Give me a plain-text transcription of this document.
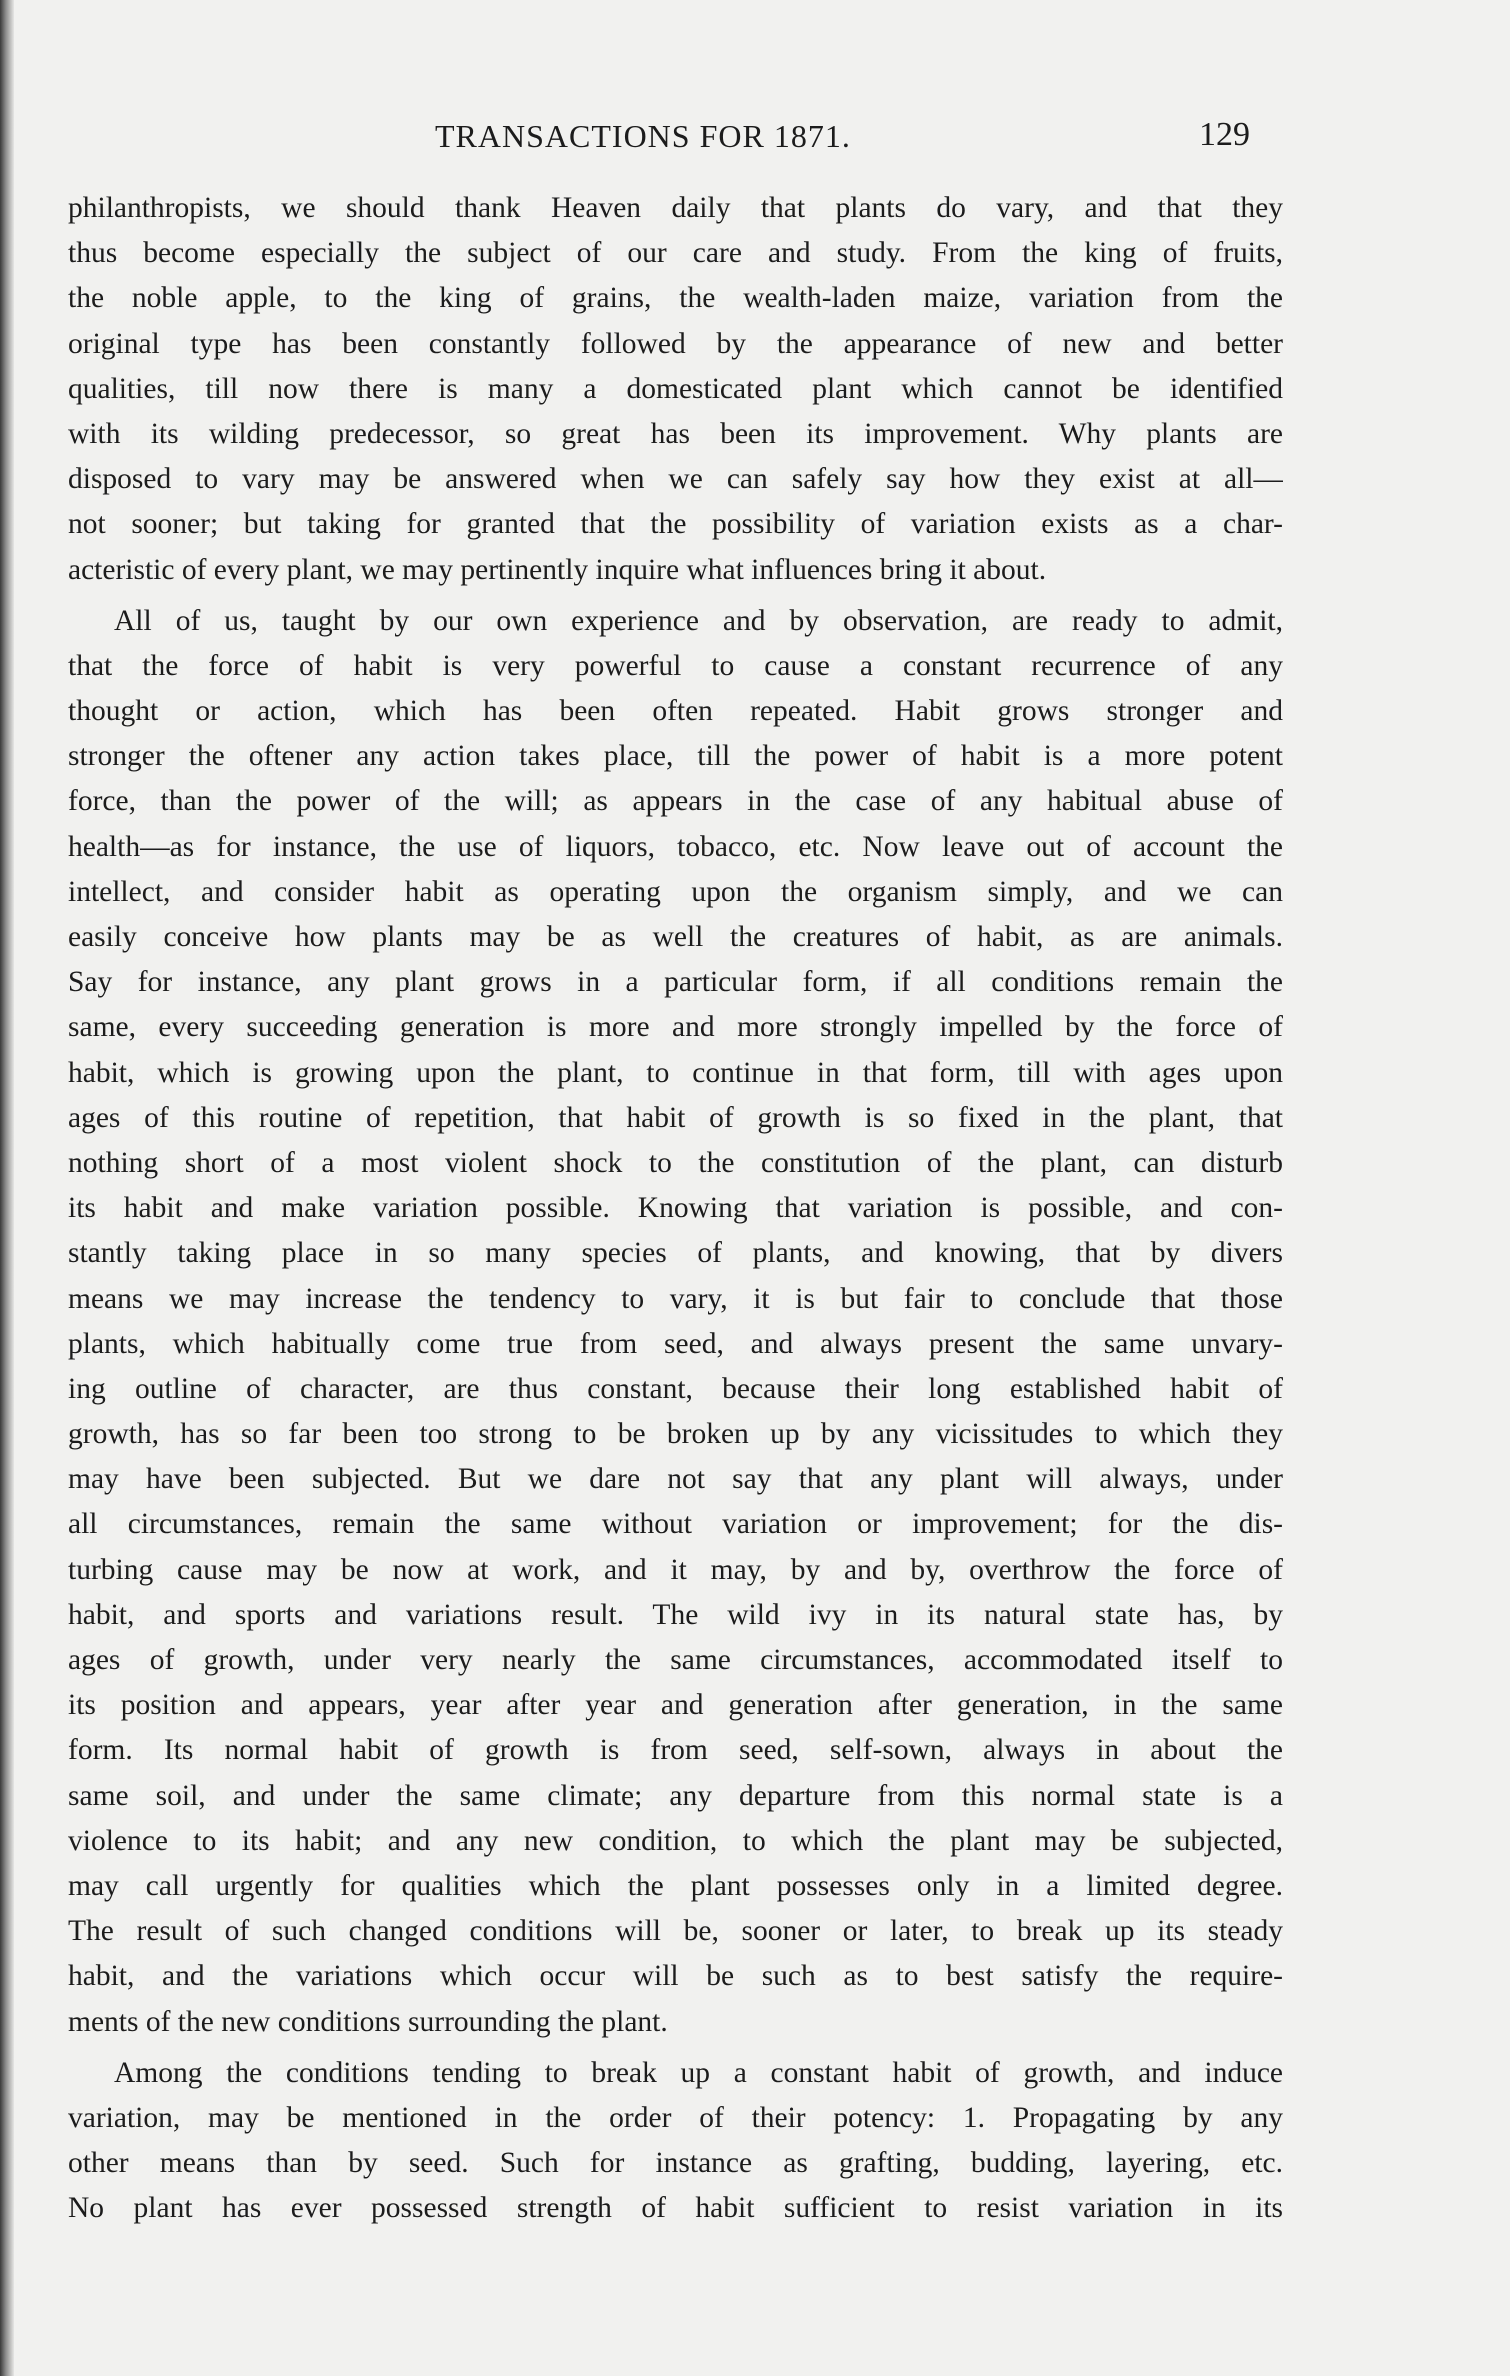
TRANSACTIONS FOR 1871.	129
philanthropists, we should thank Heaven daily that plants do vary, and that they
thus become especially the subject of our care and study. From the king of fruits,
the noble apple, to the king of grains, the wealth-laden maize, variation from the
original type has been constantly followed by the appearance of new and better
qualities, till now there is many a domesticated plant which cannot be identified
with its wilding predecessor, so great has been its improvement. Why plants are
disposed to vary may be answered when we can safely say how they exist at all—
not sooner; but taking for granted that the possibility of variation exists as a char-
acteristic of every plant, we may pertinently inquire what influences bring it about.
All of us, taught by our own experience and by observation, are ready to admit,
that the force of habit is very powerful to cause a constant recurrence of any
thought or action, which has been often repeated. Habit grows stronger and
stronger the oftener any action takes place, till the power of habit is a more potent
force, than the power of the will; as appears in the case of any habitual abuse of
health—as for instance, the use of liquors, tobacco, etc. Now leave out of account the
intellect, and consider habit as operating upon the organism simply, and we can
easily conceive how plants may be as well the creatures of habit, as are animals.
Say for instance, any plant grows in a particular form, if all conditions remain the
same, every succeeding generation is more and more strongly impelled by the force of
habit, which is growing upon the plant, to continue in that form, till with ages upon
ages of this routine of repetition, that habit of growth is so fixed in the plant, that
nothing short of a most violent shock to the constitution of the plant, can disturb
its habit and make variation possible. Knowing that variation is possible, and con-
stantly taking place in so many species of plants, and knowing, that by divers
means we may increase the tendency to vary, it is but fair to conclude that those
plants, which habitually come true from seed, and always present the same unvary-
ing outline of character, are thus constant, because their long established habit of
growth, has so far been too strong to be broken up by any vicissitudes to which they
may have been subjected. But we dare not say that any plant will always, under
all circumstances, remain the same without variation or improvement; for the dis-
turbing cause may be now at work, and it may, by and by, overthrow the force of
habit, and sports and variations result. The wild ivy in its natural state has, by
ages of growth, under very nearly the same circumstances, accommodated itself to
its position and appears, year after year and generation after generation, in the same
form. Its normal habit of growth is from seed, self-sown, always in about the
same soil, and under the same climate; any departure from this normal state is a
violence to its habit; and any new condition, to which the plant may be subjected,
may call urgently for qualities which the plant possesses only in a limited degree.
The result of such changed conditions will be, sooner or later, to break up its steady
habit, and the variations which occur will be such as to best satisfy the require-
ments of the new conditions surrounding the plant.
Among the conditions tending to break up a constant habit of growth, and induce
variation, may be mentioned in the order of their potency: 1. Propagating by any
other means than by seed. Such for instance as grafting, budding, layering, etc.
No plant has ever possessed strength of habit sufficient to resist variation in its
